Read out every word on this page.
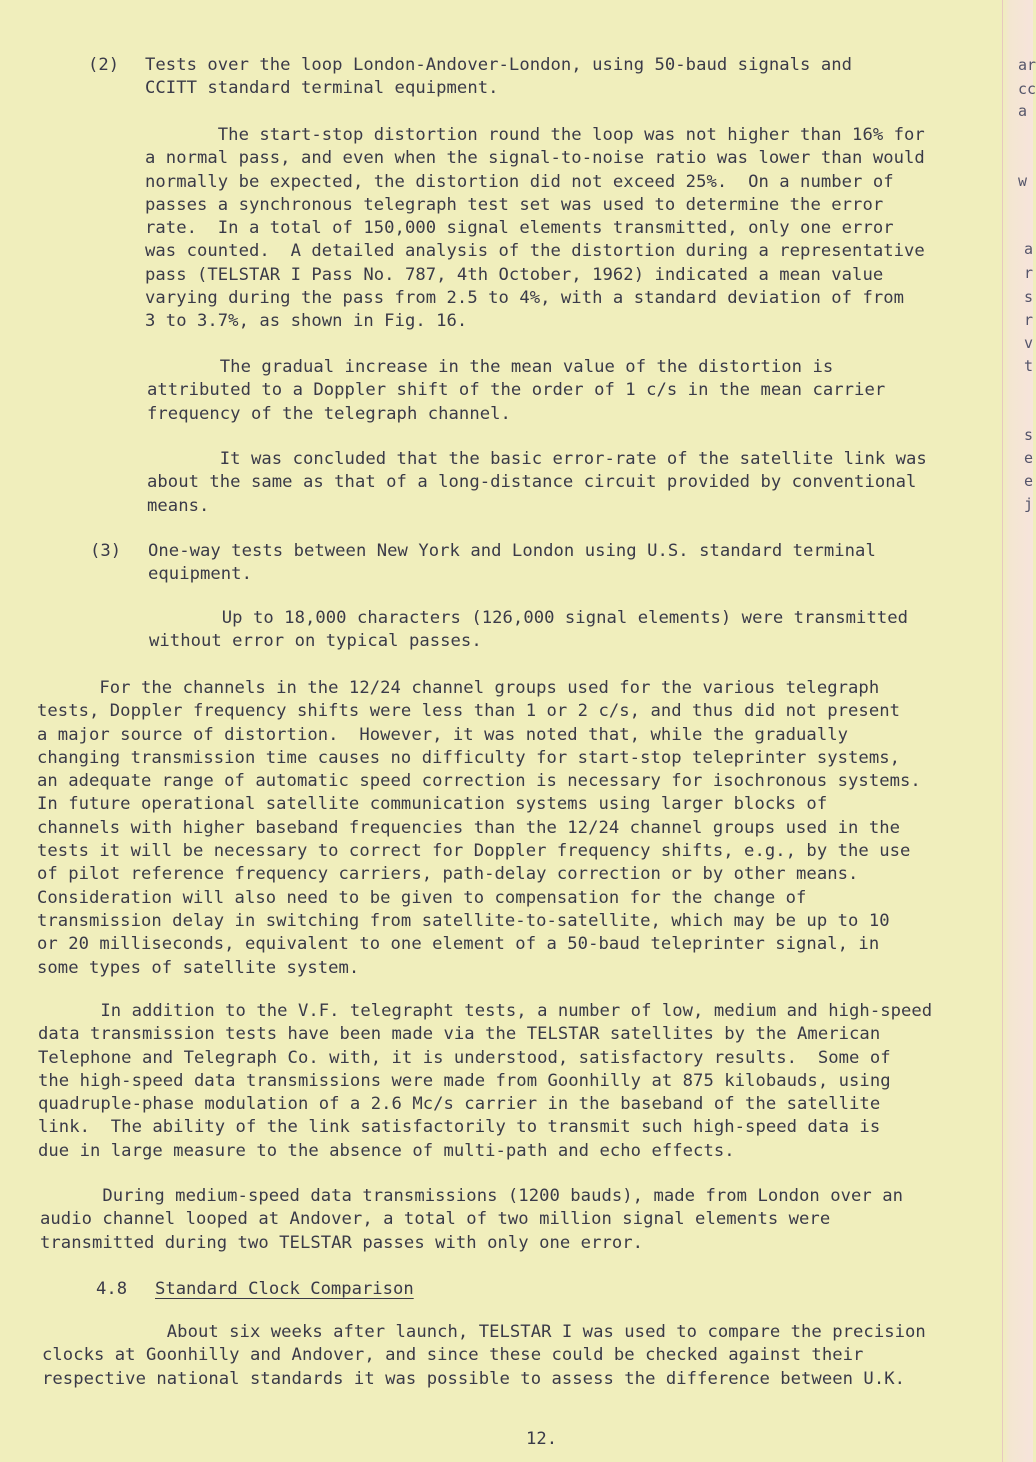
ar
cc
a
w
a
r
s
r
v
t
s
e
e
j
(2) Tests over the loop London-Andover-London, using 50-baud signals and
CCITT standard terminal equipment.
The start-stop distortion round the loop was not higher than 16% for
a normal pass, and even when the signal-to-noise ratio was lower than would
normally be expected, the distortion did not exceed 25%.  On a number of
passes a synchronous telegraph test set was used to determine the error
rate.  In a total of 150,000 signal elements transmitted, only one error
was counted.  A detailed analysis of the distortion during a representative
pass (TELSTAR I Pass No. 787, 4th October, 1962) indicated a mean value
varying during the pass from 2.5 to 4%, with a standard deviation of from
3 to 3.7%, as shown in Fig. 16.
The gradual increase in the mean value of the distortion is
attributed to a Doppler shift of the order of 1 c/s in the mean carrier
frequency of the telegraph channel.
It was concluded that the basic error-rate of the satellite link was
about the same as that of a long-distance circuit provided by conventional
means.
(3) One-way tests between New York and London using U.S. standard terminal
equipment.
Up to 18,000 characters (126,000 signal elements) were transmitted
without error on typical passes.
For the channels in the 12/24 channel groups used for the various telegraph
tests, Doppler frequency shifts were less than 1 or 2 c/s, and thus did not present
a major source of distortion.  However, it was noted that, while the gradually
changing transmission time causes no difficulty for start-stop teleprinter systems,
an adequate range of automatic speed correction is necessary for isochronous systems.
In future operational satellite communication systems using larger blocks of
channels with higher baseband frequencies than the 12/24 channel groups used in the
tests it will be necessary to correct for Doppler frequency shifts, e.g., by the use
of pilot reference frequency carriers, path-delay correction or by other means.
Consideration will also need to be given to compensation for the change of
transmission delay in switching from satellite-to-satellite, which may be up to 10
or 20 milliseconds, equivalent to one element of a 50-baud teleprinter signal, in
some types of satellite system.
In addition to the V.F. telegrapht tests, a number of low, medium and high-speed
data transmission tests have been made via the TELSTAR satellites by the American
Telephone and Telegraph Co. with, it is understood, satisfactory results.  Some of
the high-speed data transmissions were made from Goonhilly at 875 kilobauds, using
quadruple-phase modulation of a 2.6 Mc/s carrier in the baseband of the satellite
link.  The ability of the link satisfactorily to transmit such high-speed data is
due in large measure to the absence of multi-path and echo effects.
During medium-speed data transmissions (1200 bauds), made from London over an
audio channel looped at Andover, a total of two million signal elements were
transmitted during two TELSTAR passes with only one error.
4.8 Standard Clock Comparison
About six weeks after launch, TELSTAR I was used to compare the precision
clocks at Goonhilly and Andover, and since these could be checked against their
respective national standards it was possible to assess the difference between U.K.
12.
